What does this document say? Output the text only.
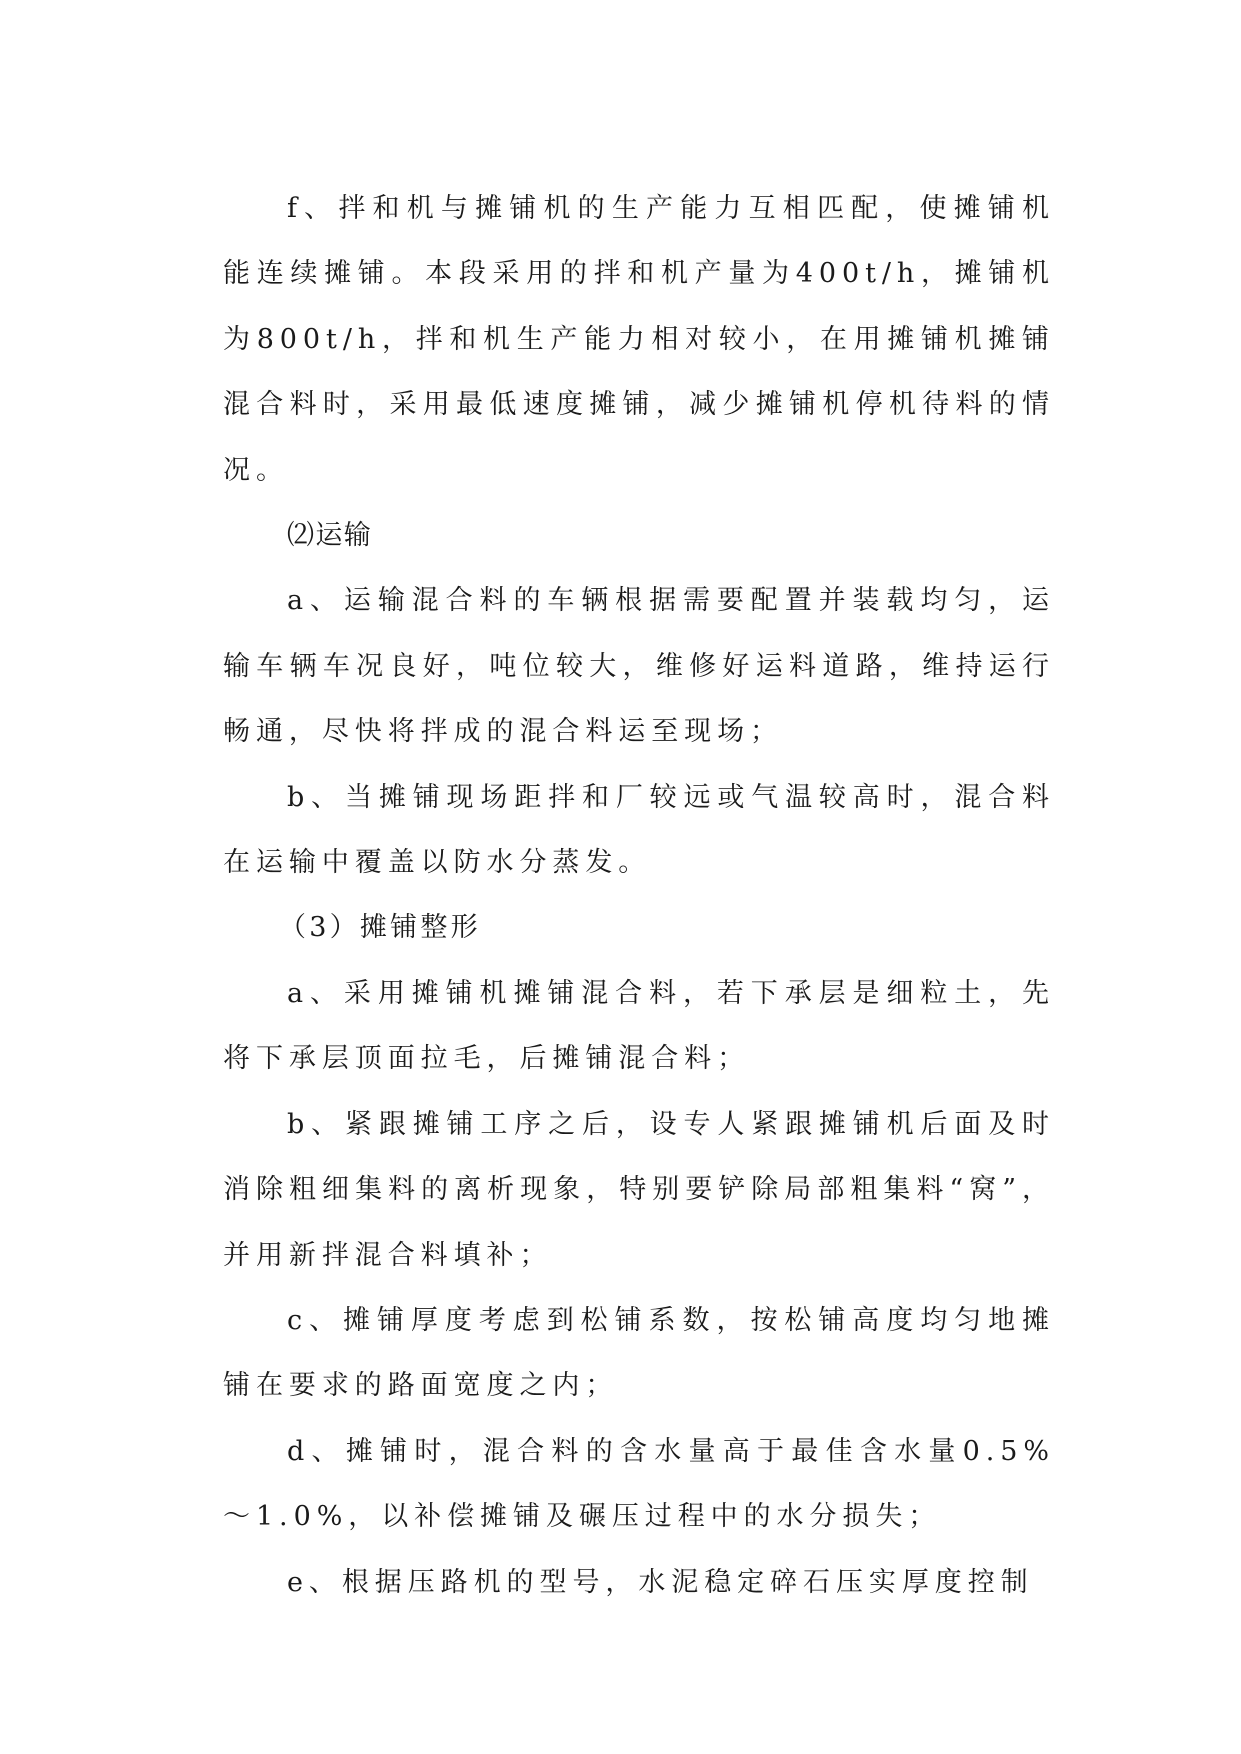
f、拌和机与摊铺机的生产能力互相匹配，使摊铺机能连续摊铺。本段采用的拌和机产量为400t/h，摊铺机为800t/h，拌和机生产能力相对较小，在用摊铺机摊铺混合料时，采用最低速度摊铺，减少摊铺机停机待料的情况。

⑵运输

a、运输混合料的车辆根据需要配置并装载均匀，运输车辆车况良好，吨位较大，维修好运料道路，维持运行畅通，尽快将拌成的混合料运至现场；

b、当摊铺现场距拌和厂较远或气温较高时，混合料在运输中覆盖以防水分蒸发。

（3）摊铺整形

a、采用摊铺机摊铺混合料，若下承层是细粒土，先将下承层顶面拉毛，后摊铺混合料；

b、紧跟摊铺工序之后，设专人紧跟摊铺机后面及时消除粗细集料的离析现象，特别要铲除局部粗集料“窝”，并用新拌混合料填补；

c、摊铺厚度考虑到松铺系数，按松铺高度均匀地摊铺在要求的路面宽度之内；

d、摊铺时，混合料的含水量高于最佳含水量0.5%～1.0%，以补偿摊铺及碾压过程中的水分损失；

e、根据压路机的型号，水泥稳定碎石压实厚度控制
